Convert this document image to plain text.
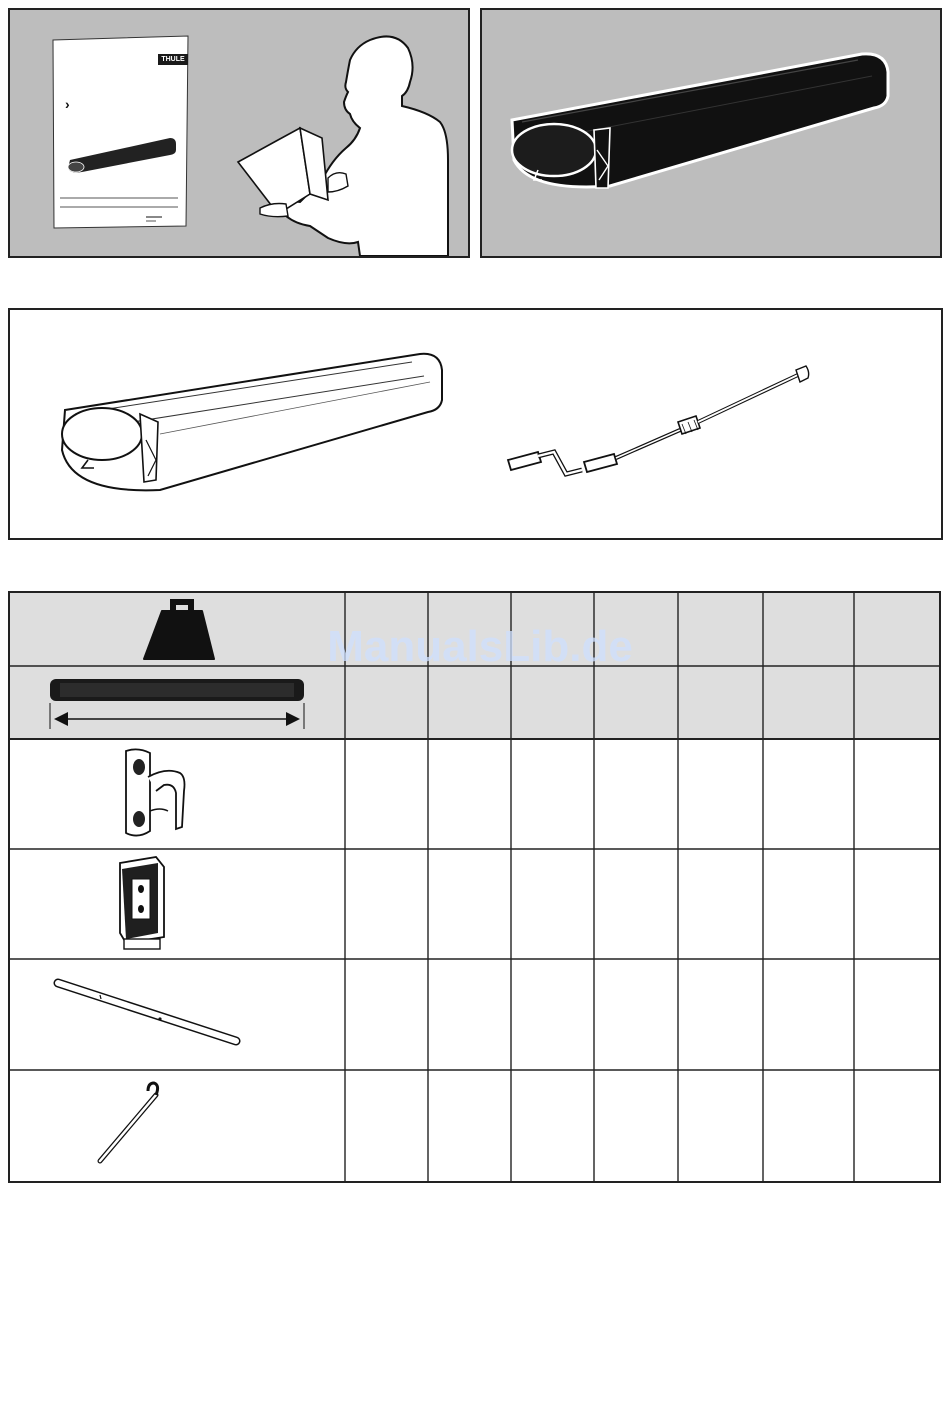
THULE
›
ManualsLib.de
